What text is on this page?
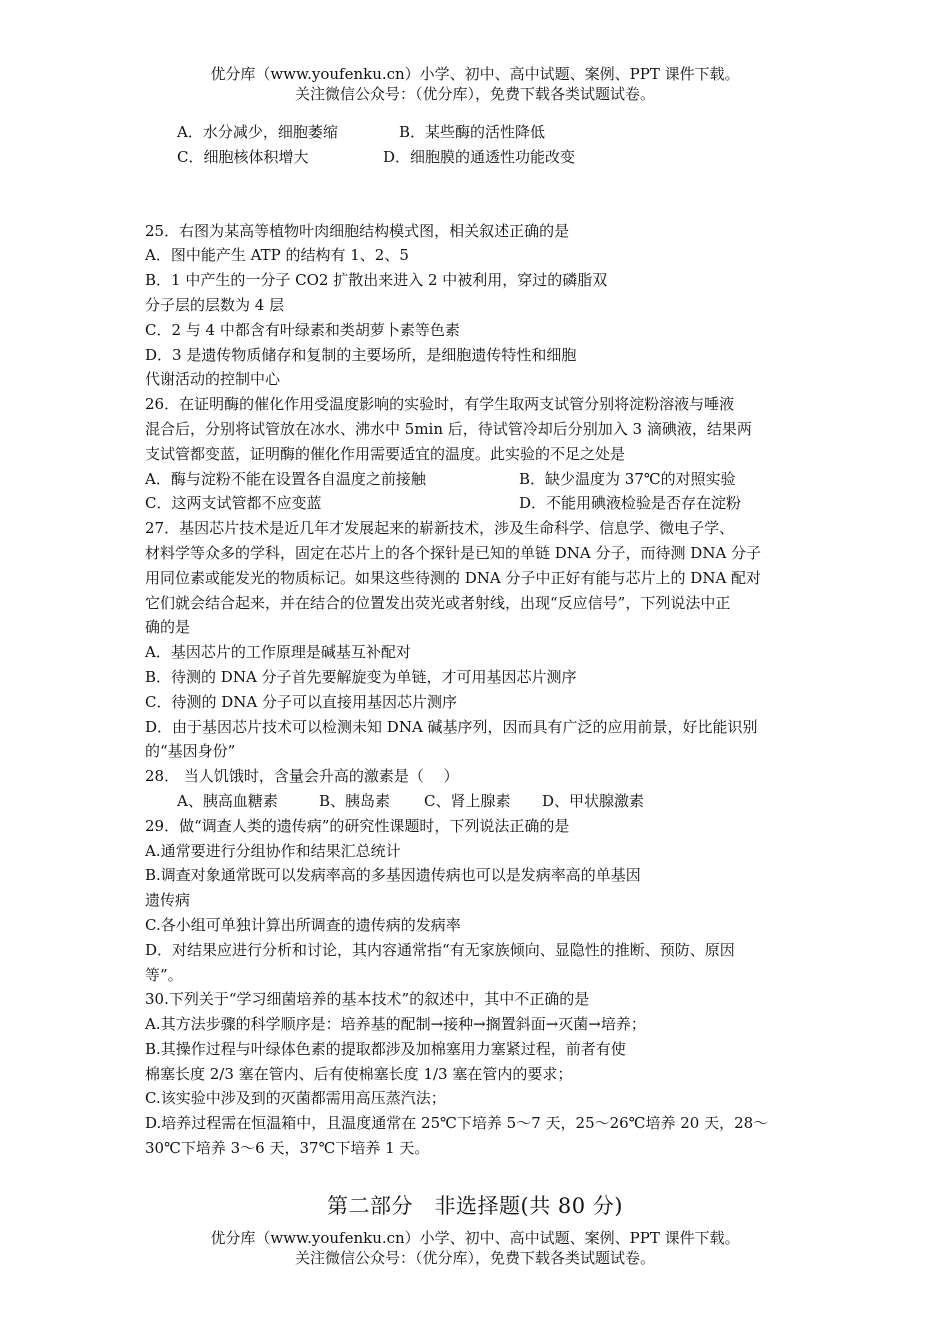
优分库（www.youfenku.cn）小学、初中、高中试题、案例、PPT 课件下载。
关注微信公众号：（优分库），免费下载各类试题试卷。
A．水分减少，细胞萎缩	B．某些酶的活性降低
C．细胞核体积增大	D．细胞膜的通透性功能改变
25．右图为某高等植物叶肉细胞结构模式图，相关叙述正确的是
A．图中能产生 ATP 的结构有 1、2、5
B．1 中产生的一分子 CO2 扩散出来进入 2 中被利用，穿过的磷脂双
分子层的层数为 4 层
C．2 与 4 中都含有叶绿素和类胡萝卜素等色素
D．3 是遗传物质储存和复制的主要场所，是细胞遗传特性和细胞
代谢活动的控制中心
26．在证明酶的催化作用受温度影响的实验时，有学生取两支试管分别将淀粉溶液与唾液
混合后，分别将试管放在冰水、沸水中 5min 后，待试管冷却后分别加入 3 滴碘液，结果两
支试管都变蓝，证明酶的催化作用需要适宜的温度。此实验的不足之处是
A．酶与淀粉不能在设置各自温度之前接触	B．缺少温度为 37℃的对照实验
C．这两支试管都不应变蓝	D．不能用碘液检验是否存在淀粉
27．基因芯片技术是近几年才发展起来的崭新技术，涉及生命科学、信息学、微电子学、
材料学等众多的学科，固定在芯片上的各个探针是已知的单链 DNA 分子，而待测 DNA 分子
用同位素或能发光的物质标记。如果这些待测的 DNA 分子中正好有能与芯片上的 DNA 配对
它们就会结合起来，并在结合的位置发出荧光或者射线，出现“反应信号”，下列说法中正
确的是
A．基因芯片的工作原理是碱基互补配对
B．待测的 DNA 分子首先要解旋变为单链，才可用基因芯片测序
C．待测的 DNA 分子可以直接用基因芯片测序
D．由于基因芯片技术可以检测未知 DNA 碱基序列，因而具有广泛的应用前景，好比能识别
的“基因身份”
28． 当人饥饿时，含量会升高的激素是（　 ）
A、胰高血糖素	B、胰岛素 C、肾上腺素 D、甲状腺激素
29．做“调查人类的遗传病”的研究性课题时，下列说法正确的是
A.通常要进行分组协作和结果汇总统计
B.调查对象通常既可以发病率高的多基因遗传病也可以是发病率高的单基因
遗传病
C.各小组可单独计算出所调查的遗传病的发病率
D．对结果应进行分析和讨论，其内容通常指“有无家族倾向、显隐性的推断、预防、原因
等”。
30.下列关于“学习细菌培养的基本技术”的叙述中，其中不正确的是
A.其方法步骤的科学顺序是：培养基的配制→接种→搁置斜面→灭菌→培养；
B.其操作过程与叶绿体色素的提取都涉及加棉塞用力塞紧过程，前者有使
棉塞长度 2/3 塞在管内、后有使棉塞长度 1/3 塞在管内的要求；
C.该实验中涉及到的灭菌都需用高压蒸汽法；
D.培养过程需在恒温箱中，且温度通常在 25℃下培养 5～7 天，25～26℃培养 20 天，28～
30℃下培养 3～6 天，37℃下培养 1 天。
第二部分　非选择题(共 80 分)
优分库（www.youfenku.cn）小学、初中、高中试题、案例、PPT 课件下载。
关注微信公众号：（优分库），免费下载各类试题试卷。
